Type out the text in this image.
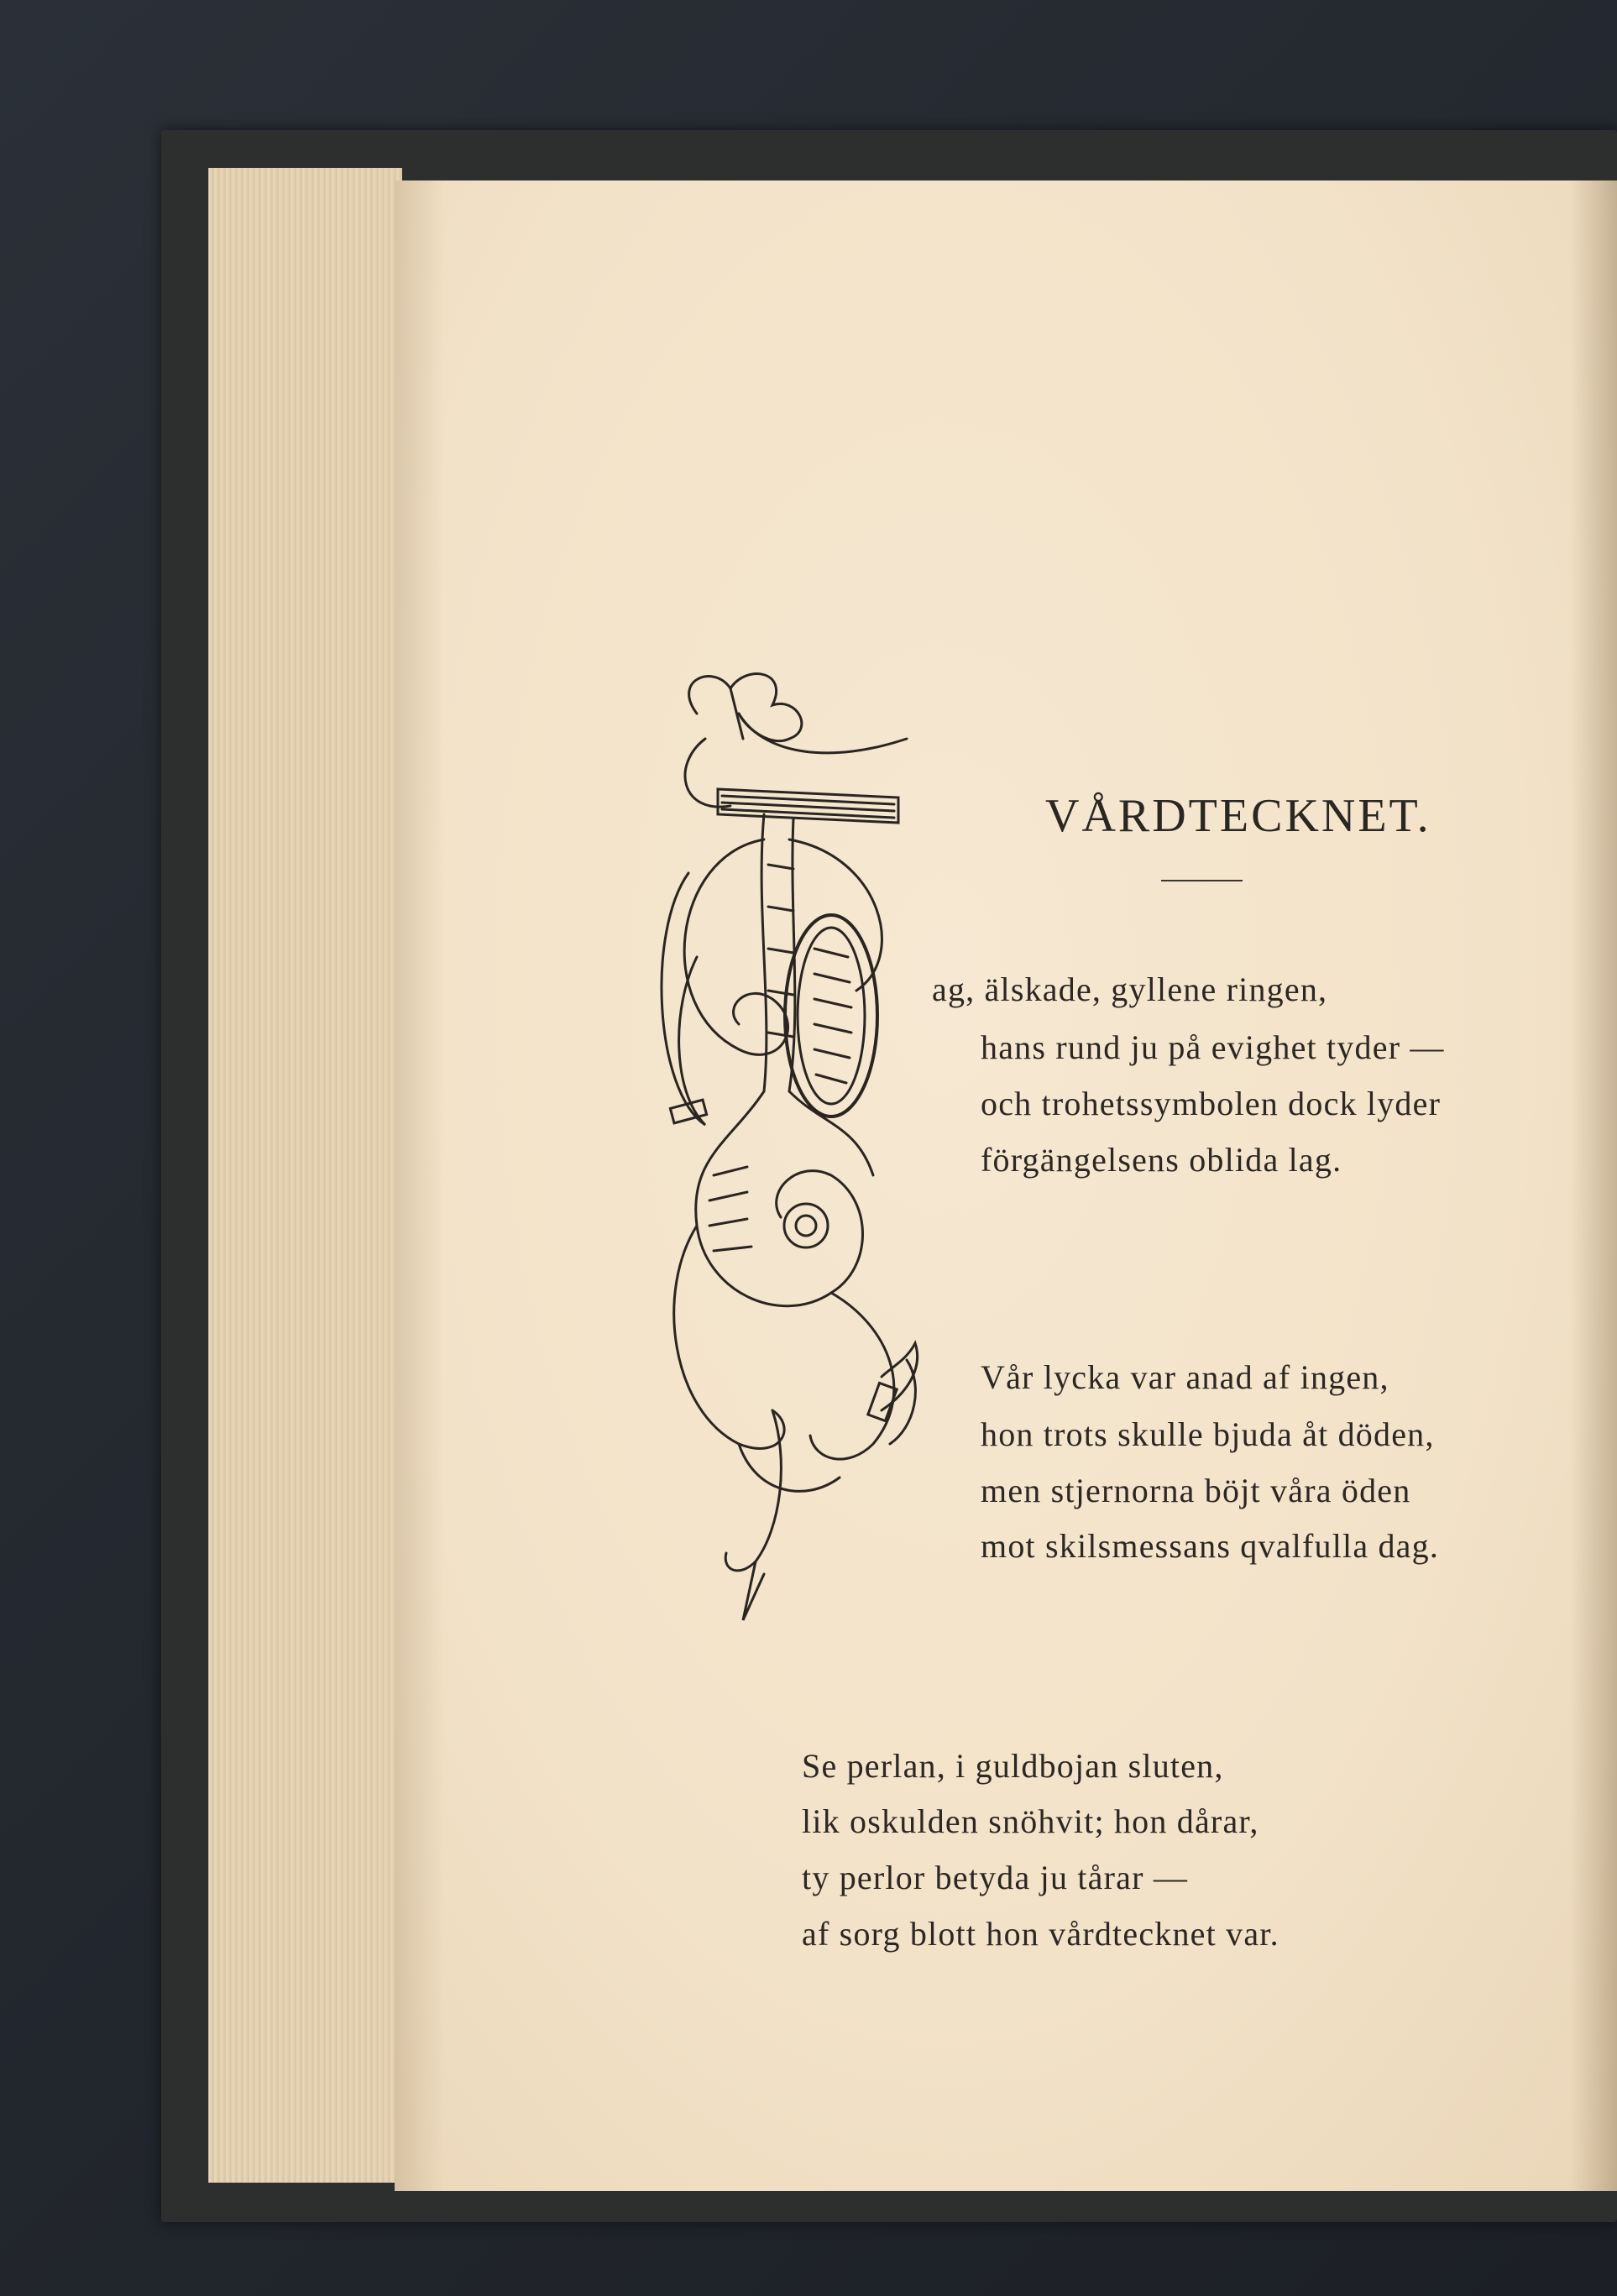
VÅRDTECKNET.
ag, älskade, gyllene ringen,
hans rund ju på evighet tyder —
och trohetssymbolen dock lyder
förgängelsens oblida lag.
Vår lycka var anad af ingen,
hon trots skulle bjuda åt döden,
men stjernorna böjt våra öden
mot skilsmessans qvalfulla dag.
Se perlan, i guldbojan sluten,
lik oskulden snöhvit; hon dårar,
ty perlor betyda ju tårar —
af sorg blott hon vårdtecknet var.
